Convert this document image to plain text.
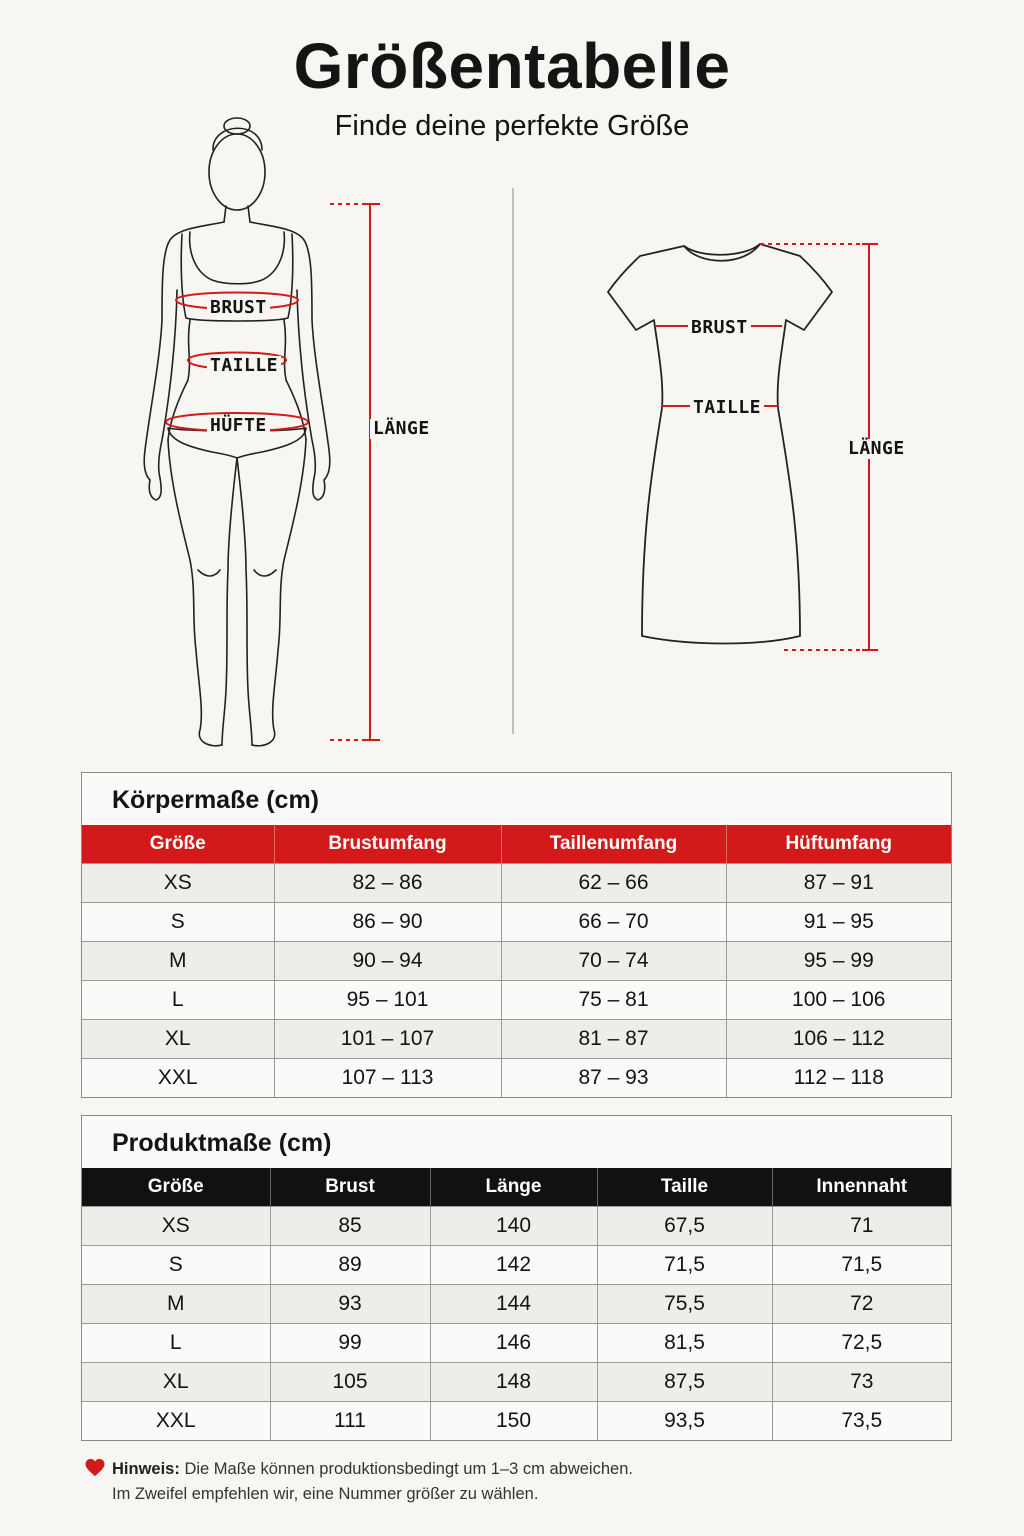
Größentabelle
Finde deine perfekte Größe
BRUST
TAILLE
HÜFTE	LÄNGE
BRUST
TAILLE
LÄNGE
Körpermaße (cm)
Größe	Brustumfang	Taillenumfang	Hüftumfang
XS	82 – 86	62 – 66	87 – 91
S	86 – 90	66 – 70	91 – 95
M	90 – 94	70 – 74	95 – 99
L	95 – 101	75 – 81	100 – 106
XL	101 – 107	81 – 87	106 – 112
XXL	107 – 113	87 – 93	112 – 118
Produktmaße (cm)
Größe	Brust	Länge	Taille	Innennaht
XS	85	140	67,5	71
S	89	142	71,5	71,5
M	93	144	75,5	72
L	99	146	81,5	72,5
XL	105	148	87,5	73
XXL	111	150	93,5	73,5
Hinweis: Die Maße können produktionsbedingt um 1–3 cm abweichen.
Im Zweifel empfehlen wir, eine Nummer größer zu wählen.
